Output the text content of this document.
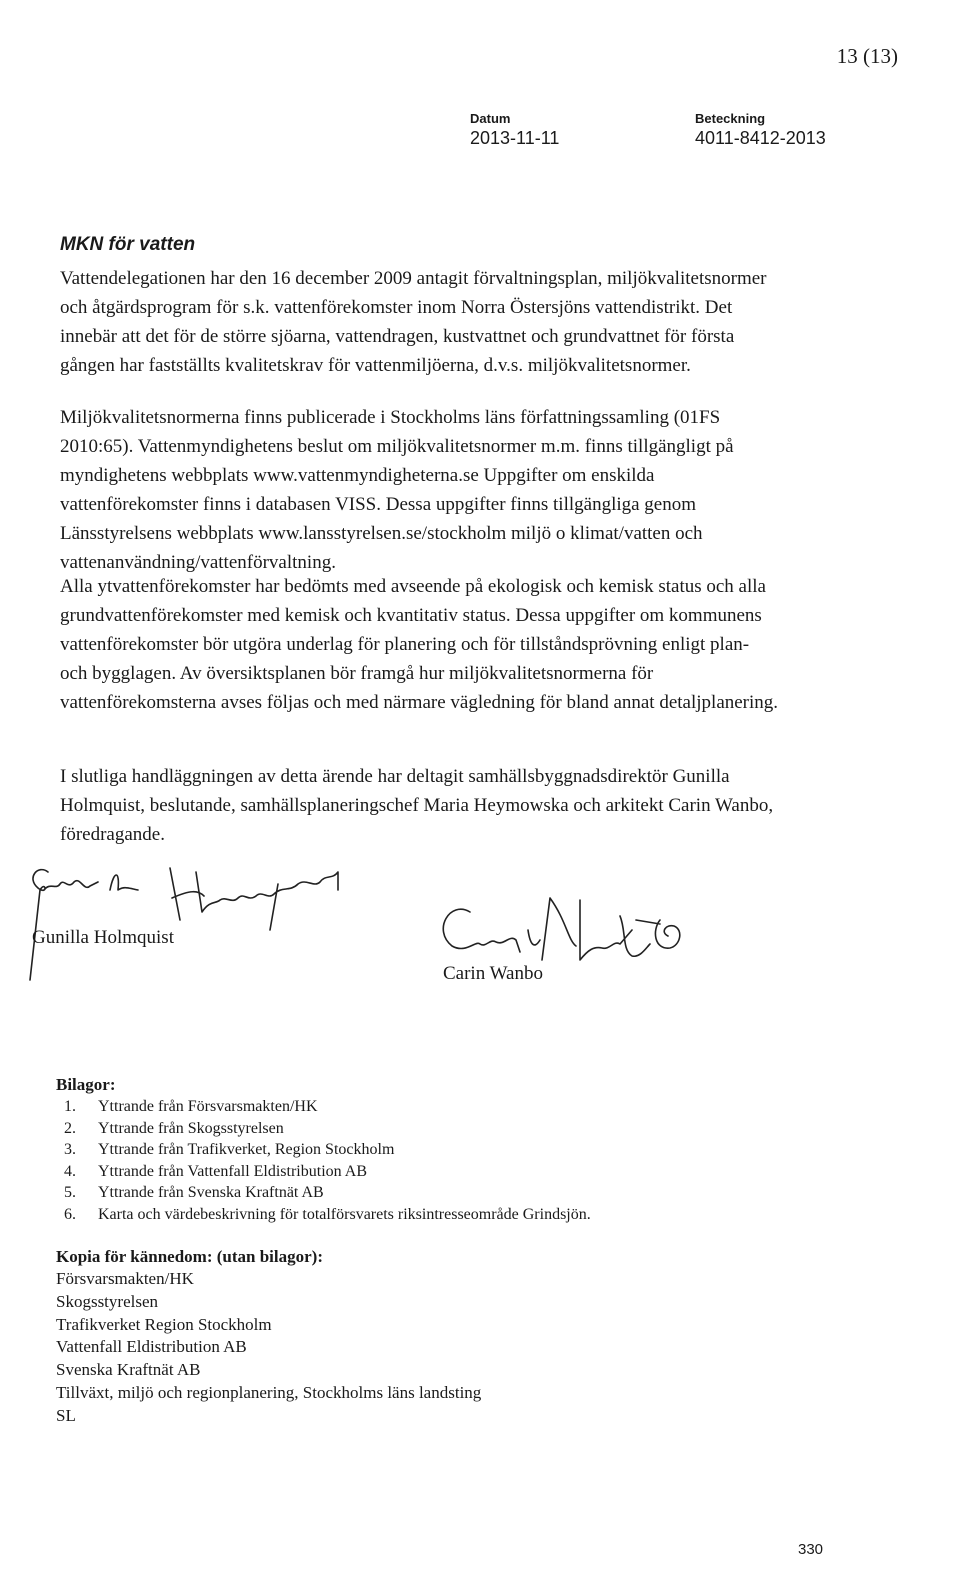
13 (13)
Datum
2013-11-11
Beteckning
4011-8412-2013
MKN för vatten

Vattendelegationen har den 16 december 2009 antagit förvaltningsplan, miljökvalitetsnormer och åtgärdsprogram för s.k. vattenförekomster inom Norra Östersjöns vattendistrikt. Det innebär att det för de större sjöarna, vattendragen, kustvattnet och grundvattnet för första gången har fastställts kvalitetskrav för vattenmiljöerna, d.v.s. miljökvalitetsnormer.

Miljökvalitetsnormerna finns publicerade i Stockholms läns författningssamling (01FS 2010:65). Vattenmyndighetens beslut om miljökvalitetsnormer m.m. finns tillgängligt på myndighetens webbplats www.vattenmyndigheterna.se Uppgifter om enskilda vattenförekomster finns i databasen VISS. Dessa uppgifter finns tillgängliga genom Länsstyrelsens webbplats www.lansstyrelsen.se/stockholm miljö o klimat/vatten och vattenanvändning/vattenförvaltning.

Alla ytvattenförekomster har bedömts med avseende på ekologisk och kemisk status och alla grundvattenförekomster med kemisk och kvantitativ status. Dessa uppgifter om kommunens vattenförekomster bör utgöra underlag för planering och för tillståndsprövning enligt plan- och bygglagen. Av översiktsplanen bör framgå hur miljökvalitetsnormerna för vattenförekomsterna avses följas och med närmare vägledning för bland annat detaljplanering.

I slutliga handläggningen av detta ärende har deltagit samhällsbyggnadsdirektör Gunilla Holmquist, beslutande, samhällsplaneringschef Maria Heymowska och arkitekt Carin Wanbo, föredragande.

Gunilla Holmquist
Carin Wanbo
Bilagor:
1.	Yttrande från Försvarsmakten/HK
2.	Yttrande från Skogsstyrelsen
3.	Yttrande från Trafikverket, Region Stockholm
4.	Yttrande från Vattenfall Eldistribution AB
5.	Yttrande från Svenska Kraftnät AB
6.	Karta och värdebeskrivning för totalförsvarets riksintresseområde Grindsjön.
Kopia för kännedom: (utan bilagor):
Försvarsmakten/HK
Skogsstyrelsen
Trafikverket Region Stockholm
Vattenfall Eldistribution AB
Svenska Kraftnät AB
Tillväxt, miljö och regionplanering, Stockholms läns landsting
SL
330
